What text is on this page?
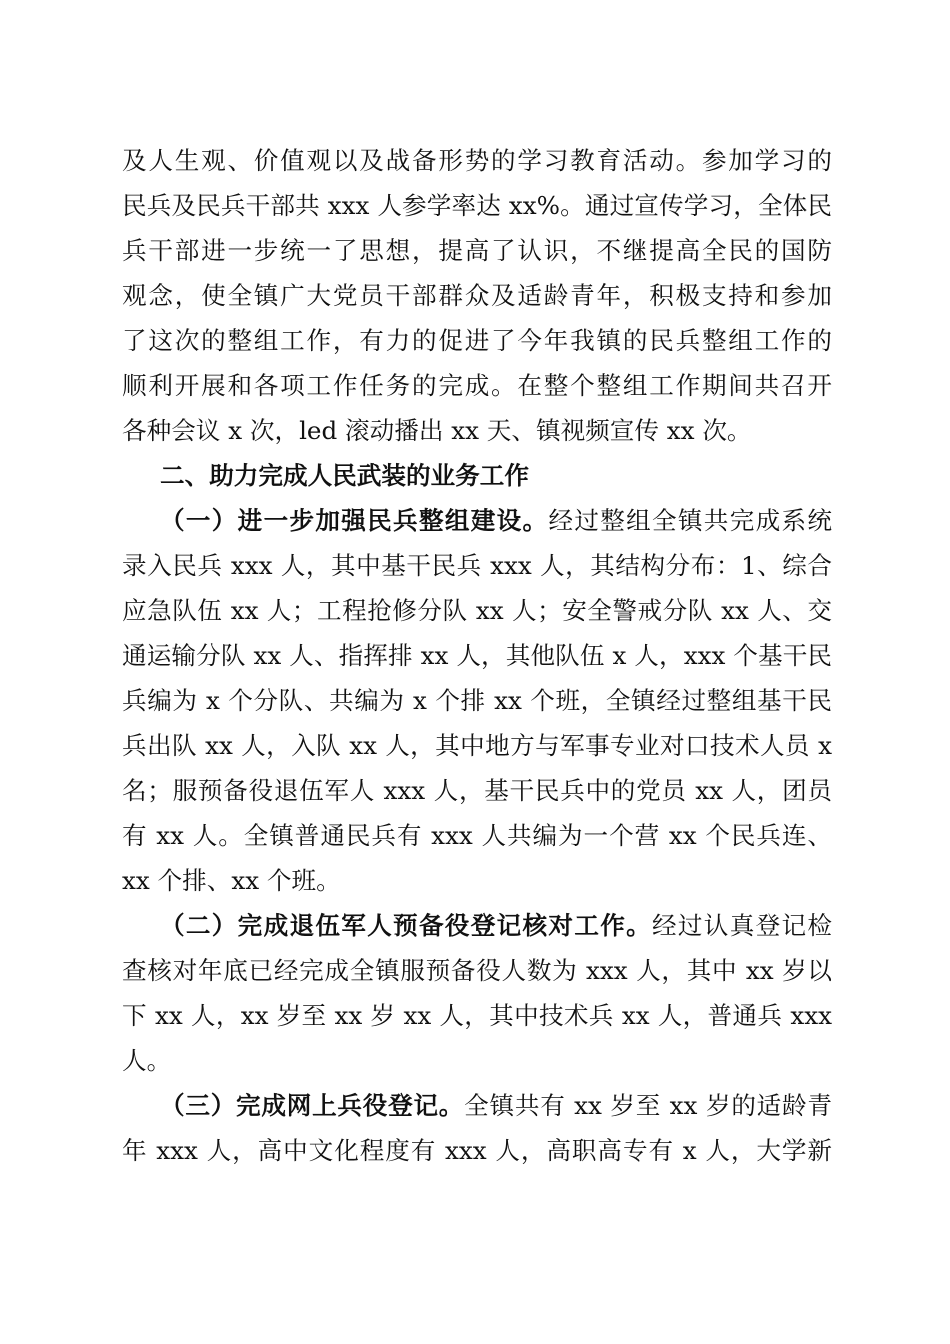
及人生观、价值观以及战备形势的学习教育活动。参加学习的
民兵及民兵干部共 xxx 人参学率达 xx%。通过宣传学习，全体民
兵干部进一步统一了思想，提高了认识，不继提高全民的国防
观念，使全镇广大党员干部群众及适龄青年，积极支持和参加
了这次的整组工作，有力的促进了今年我镇的民兵整组工作的
顺利开展和各项工作任务的完成。在整个整组工作期间共召开
各种会议 x 次，led 滚动播出 xx 天、镇视频宣传 xx 次。
二、助力完成人民武装的业务工作
（一）进一步加强民兵整组建设。经过整组全镇共完成系统
录入民兵 xxx 人，其中基干民兵 xxx 人，其结构分布：1、综合
应急队伍 xx 人；工程抢修分队 xx 人；安全警戒分队 xx 人、交
通运输分队 xx 人、指挥排 xx 人，其他队伍 x 人，xxx 个基干民
兵编为 x 个分队、共编为 x 个排 xx 个班，全镇经过整组基干民
兵出队 xx 人，入队 xx 人，其中地方与军事专业对口技术人员 x
名；服预备役退伍军人 xxx 人，基干民兵中的党员 xx 人，团员
有 xx 人。全镇普通民兵有 xxx 人共编为一个营 xx 个民兵连、
xx 个排、xx 个班。
（二）完成退伍军人预备役登记核对工作。经过认真登记检
查核对年底已经完成全镇服预备役人数为 xxx 人，其中 xx 岁以
下 xx 人，xx 岁至 xx 岁 xx 人，其中技术兵 xx 人，普通兵 xxx
人。
（三）完成网上兵役登记。全镇共有 xx 岁至 xx 岁的适龄青
年 xxx 人，高中文化程度有 xxx 人，高职高专有 x 人，大学新
